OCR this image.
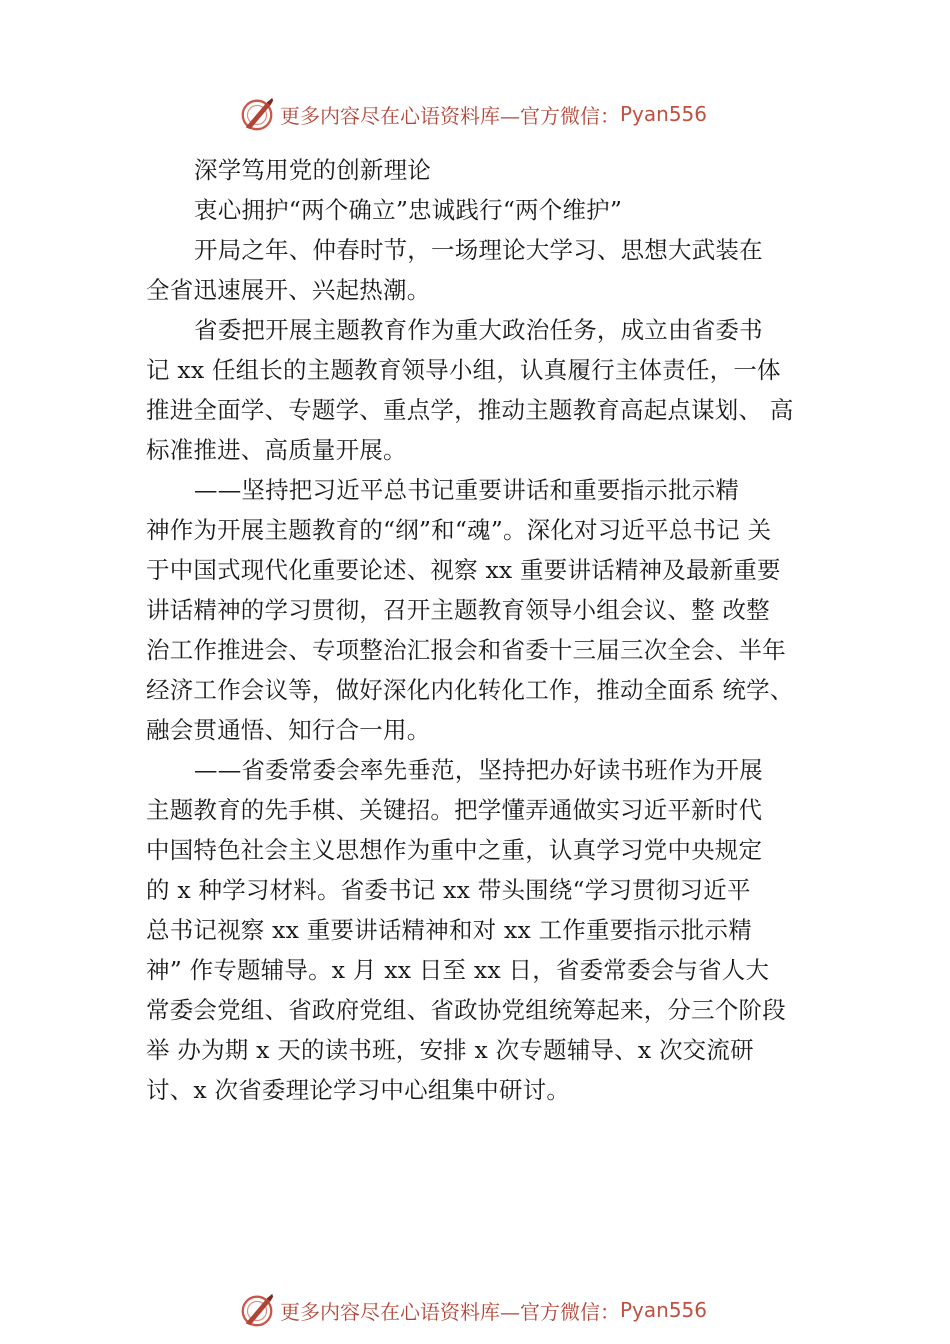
更多内容尽在心语资料库—官方微信： Pyan556
深学笃用党的创新理论
衷心拥护“两个确立”忠诚践行“两个维护”
开局之年、仲春时节，一场理论大学习、思想大武装在
全省迅速展开、兴起热潮。
省委把开展主题教育作为重大政治任务，成立由省委书
记 xx 任组长的主题教育领导小组，认真履行主体责任，一体
推进全面学、专题学、重点学，推动主题教育高起点谋划、 高
标准推进、高质量开展。
——坚持把习近平总书记重要讲话和重要指示批示精
神作为开展主题教育的“纲”和“魂”。深化对习近平总书记 关
于中国式现代化重要论述、视察 xx 重要讲话精神及最新重要
讲话精神的学习贯彻，召开主题教育领导小组会议、整 改整
治工作推进会、专项整治汇报会和省委十三届三次全会、半年
经济工作会议等，做好深化内化转化工作，推动全面系 统学、
融会贯通悟、知行合一用。
——省委常委会率先垂范，坚持把办好读书班作为开展
主题教育的先手棋、关键招。把学懂弄通做实习近平新时代
中国特色社会主义思想作为重中之重，认真学习党中央规定
的 x 种学习材料。省委书记 xx 带头围绕“学习贯彻习近平
总书记视察 xx 重要讲话精神和对 xx 工作重要指示批示精
神” 作专题辅导。x 月 xx 日至 xx 日，省委常委会与省人大
常委会党组、省政府党组、省政协党组统筹起来，分三个阶段
举 办为期 x 天的读书班，安排 x 次专题辅导、x 次交流研
讨、x 次省委理论学习中心组集中研讨。
更多内容尽在心语资料库—官方微信： Pyan556
